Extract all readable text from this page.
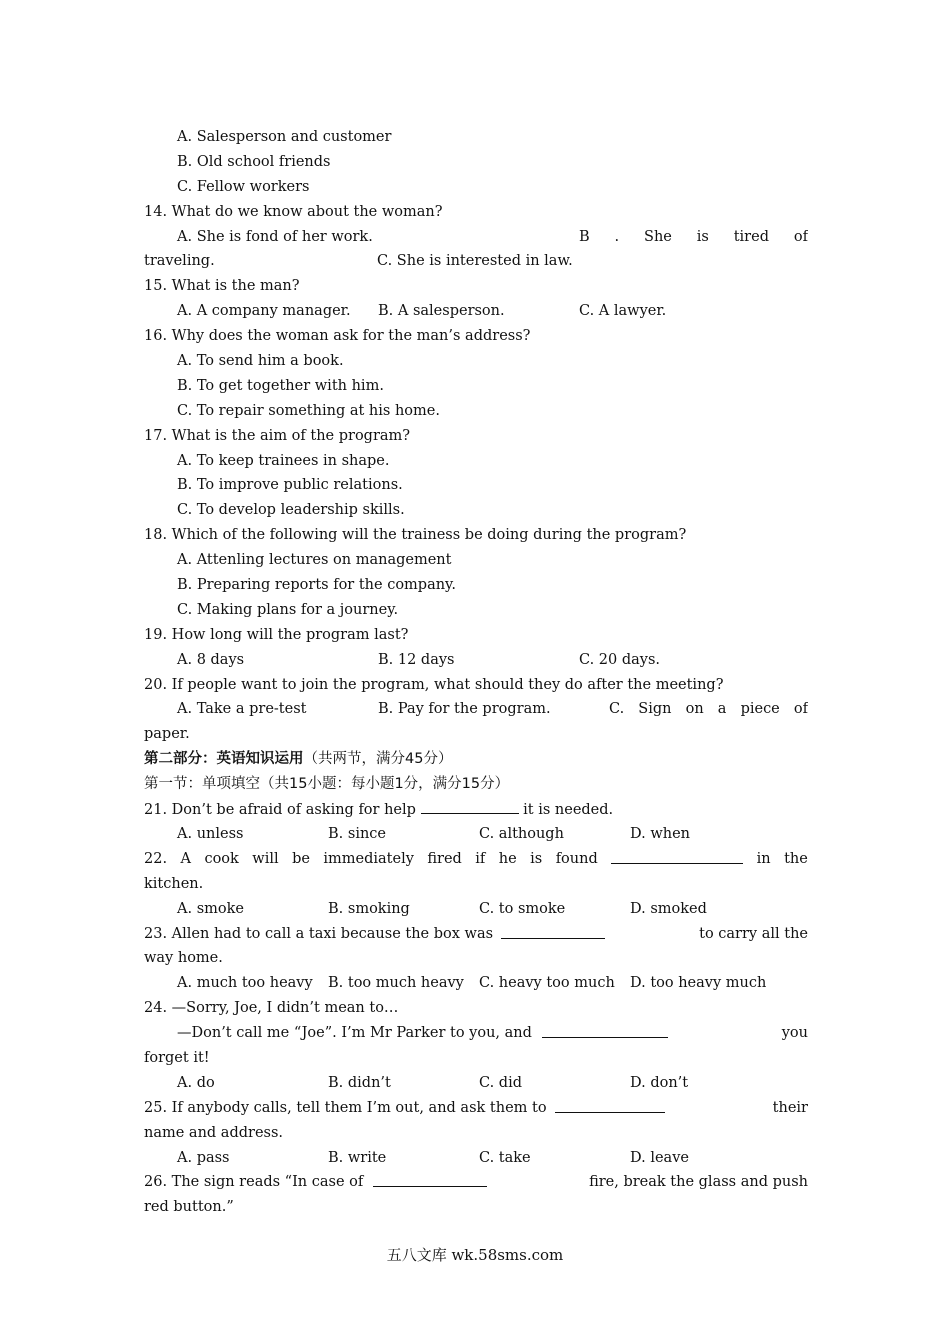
A. Salesperson and customer
B. Old school friends
C. Fellow workers
14. What do we know about the woman?
A. She is fond of her work.	B . She is tired of
traveling.	C. She is interested in law.
15. What is the man?
A. A company manager.	B. A salesperson.	C. A lawyer.
16. Why does the woman ask for the man’s address?
A. To send him a book.
B. To get together with him.
C. To repair something at his home.
17. What is the aim of the program?
A. To keep trainees in shape.
B. To improve public relations.
C. To develop leadership skills.
18. Which of the following will the trainess be doing during the program?
A. Attenling lectures on management
B. Preparing reports for the company.
C. Making plans for a journey.
19. How long will the program last?
A. 8 days	B. 12 days	C. 20 days.
20. If people want to join the program, what should they do after the meeting?
A. Take a pre-test	B. Pay for the program.	C. Sign on a piece of
paper.
第二部分：英语知识运用（共两节，满分45分）
第一节：单项填空（共15小题：每小题1分，满分15分）
21. Don’t be afraid of asking for help	it is needed.
A. unless	B. since	C. although	D. when
22. A cook will be immediately fired if he is found	in the
kitchen.
A. smoke	B. smoking	C. to smoke	D. smoked
23. Allen had to call a taxi because the box was	to carry all the
way home.
A. much too heavy	B. too much heavy	C. heavy too much	D. too heavy much
24. —Sorry, Joe, I didn’t mean to…
—Don’t call me “Joe”. I’m Mr Parker to you, and	you
forget it!
A. do	B. didn’t	C. did	D. don’t
25. If anybody calls, tell them I’m out, and ask them to	their
name and address.
A. pass	B. write	C. take	D. leave
26. The sign reads “In case of	fire, break the glass and push
red button.”
五八文库 wk.58sms.com
